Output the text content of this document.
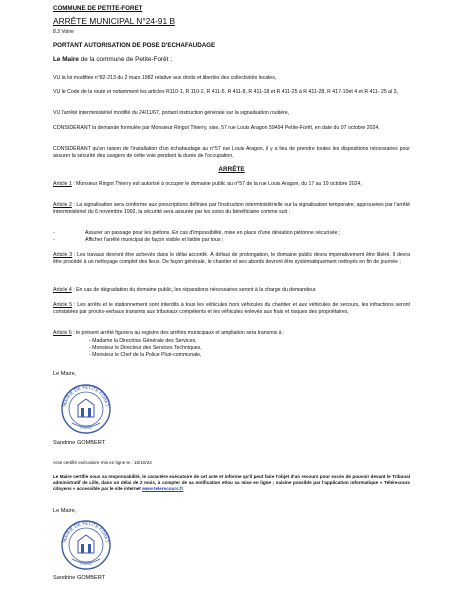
COMMUNE DE PETITE-FORET
ARRÊTE MUNICIPAL N°24-91 B
8.3 Voirie
PORTANT AUTORISATION DE POSE D'ECHAFAUDAGE
Le Maire de la commune de Petite-Forêt ;
VU la loi modifiée n°82-213 du 2 mars 1982 relative aux droits et libertés des collectivités locales,
VU le Code de la route et notamment les articles R110-1, R 110-2, R 411-5, R 411-8, R 411-18 et R 411-25 à R 411-28, R 417-10et 4 et R 411- 25 al 3,
VU l'arrêté interministériel modifié du 24/11/67, portant instruction générale sur la signalisation routière,
CONSIDÉRANT la demande formulée par Monsieur Ringot Thierry, sise, 57 rue Louis Aragon 59494 Petite-Forêt, en date du 07 octobre 2024,
CONSIDÉRANT qu'en raison de l'installation d'un échafaudage au n°57 rue Louis Aragon, il y a lieu de prendre toutes les dispositions nécessaires pour assurer la sécurité des usagers de cette voie pendant la durée de l'occupation,
ARRÊTE
Article 1 : Monsieur Ringot Thierry est autorisé à occuper le domaine public au n°57 de la rue Louis Aragon, du 17 au 19 octobre 2024,
Article 2 : La signalisation sera conforme aux prescriptions définies par l'instruction interministérielle sur la signalisation temporaire, approuvées par l'arrêté interministériel du 6 novembre 1992, la sécurité sera assurée par les soins du bénéficiaire comme suit :
-	Assurer un passage pour les piétons. En cas d'impossibilité, mise en place d'une déviation piétonne sécurisée ;
-	Afficher l'arrêté municipal de façon visible et lisible par tous ;
Article 3 : Les travaux devront être achevés dans le délai accordé. À défaut de prolongation, le domaine public devra impérativement être libéré. Il devra être procédé à un nettoyage complet des lieux. De façon générale, le chantier et ses abords devront être systématiquement nettoyés en fin de journée ;
Article 4 : En cas de dégradation du domaine public, les réparations nécessaires seront à la charge du demandeur.
Article 5 : Les arrêts et le stationnement sont interdits à tous les véhicules hors véhicules du chantier et aux véhicules de secours, les infractions seront constatées par procès-verbaux transmis aux tribunaux compétents et les véhicules enlevés aux frais et risques des propriétaires,
Article 6 : le présent arrêté figurera au registre des arrêtés municipaux et ampliation sera transmis à :
- Madame la Directrice Générale des Services,
- Monsieur le Directeur des Services Techniques,
- Monsieur le Chef de la Police Pluri-communale,
Le Maire,
MAIRIE DE PETITE-FORET
59494
Sandrine GOMBERT
Acte certifié exécutoire mis en ligne le : 16/10/24
Le Maire certifie sous sa responsabilité, le caractère exécutoire de cet acte et informe qu'il peut faire l'objet d'un recours pour excès de pouvoir devant le Tribunal administratif de Lille, dans un délai de 2 mois, à compter de sa notification et/ou sa mise en ligne ; saisine possible par l'application informatique « Télérecours citoyens » accessible par le site internet www.telerecours.fr
Le Maire,
MAIRIE DE PETITE-FORET
59494
Sandrine GOMBERT
